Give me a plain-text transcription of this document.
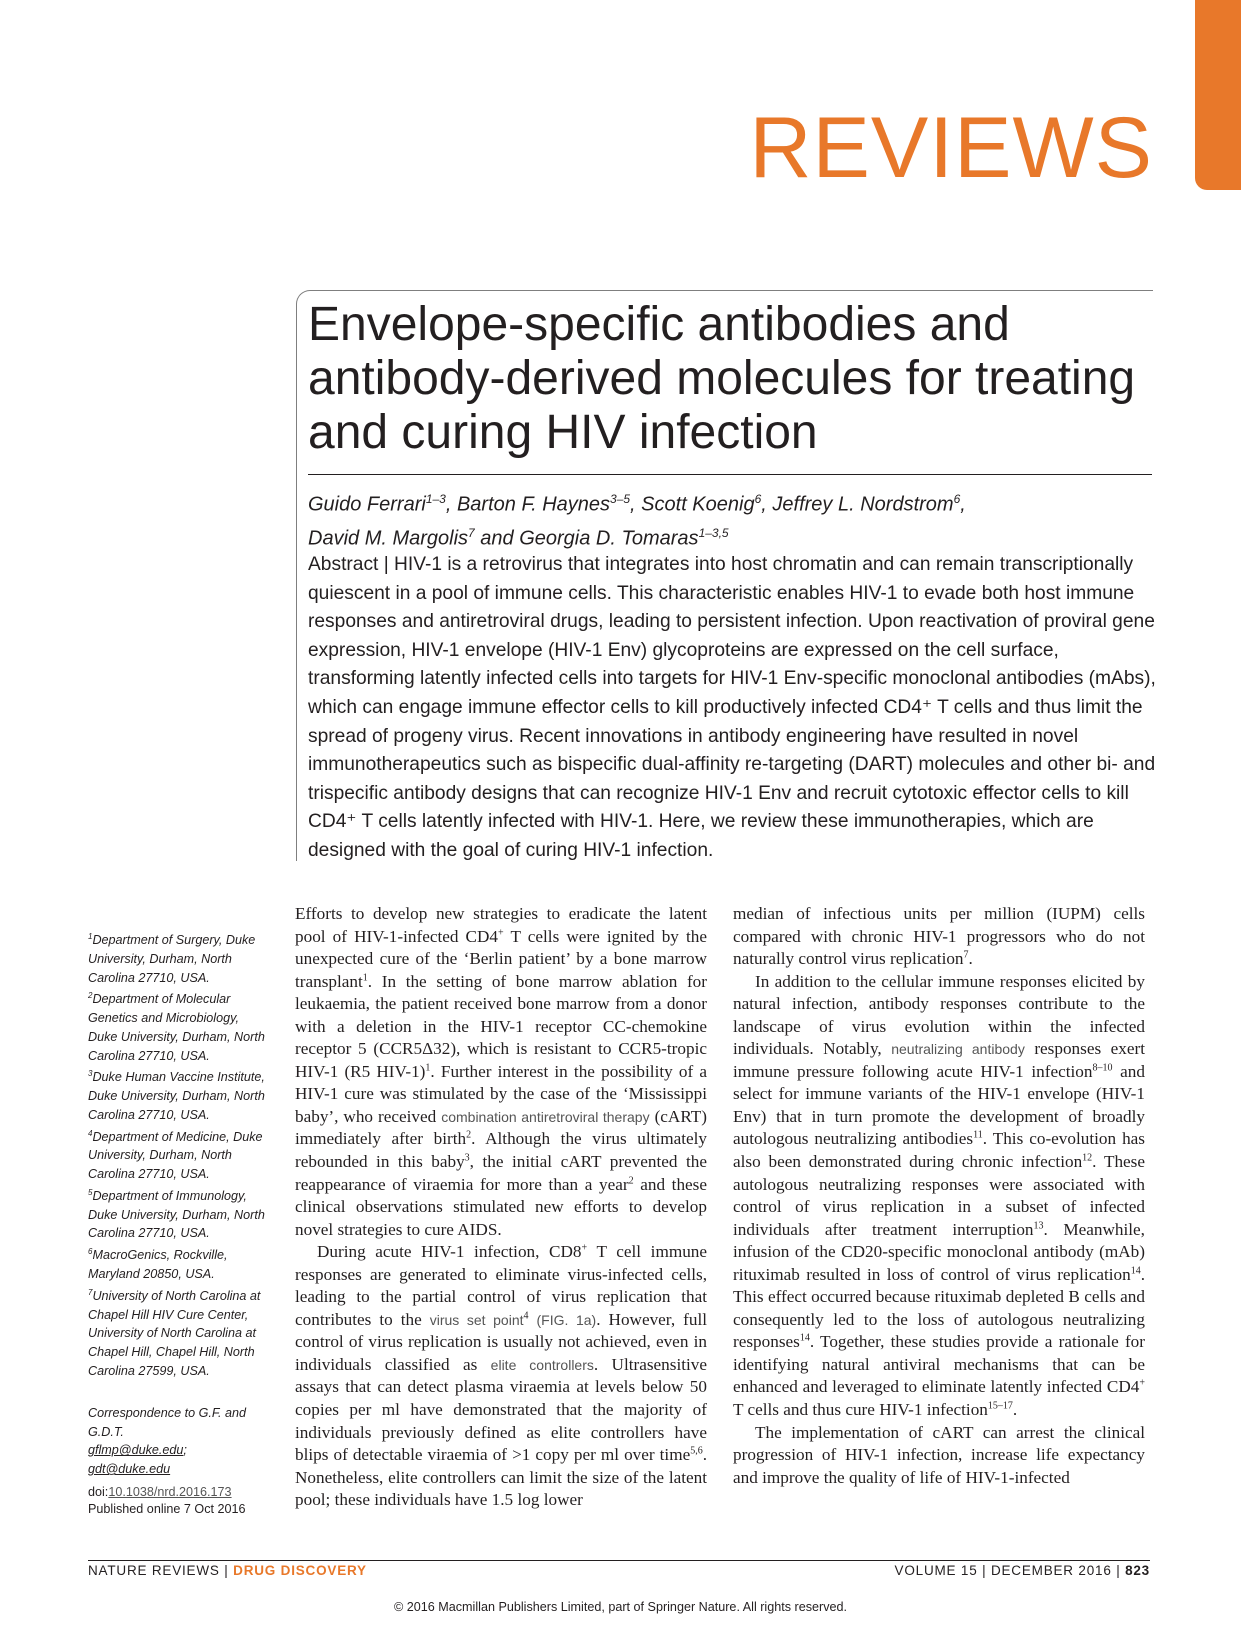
REVIEWS
Envelope-specific antibodies and antibody-derived molecules for treating and curing HIV infection
Guido Ferrari$^{1-3}$, Barton F. Haynes$^{3-5}$, Scott Koenig$^6$, Jeffrey L. Nordstrom$^6$,
David M. Margolis$^7$ and Georgia D. Tomaras$^{1-3,5}$
Abstract | HIV-1 is a retrovirus that integrates into host chromatin and can remain transcriptionally quiescent in a pool of immune cells. This characteristic enables HIV-1 to evade both host immune responses and antiretroviral drugs, leading to persistent infection. Upon reactivation of proviral gene expression, HIV-1 envelope (HIV-1 Env) glycoproteins are expressed on the cell surface, transforming latently infected cells into targets for HIV-1 Env-specific monoclonal antibodies (mAbs), which can engage immune effector cells to kill productively infected CD4⁺ T cells and thus limit the spread of progeny virus. Recent innovations in antibody engineering have resulted in novel immunotherapeutics such as bispecific dual-affinity re-targeting (DART) molecules and other bi- and trispecific antibody designs that can recognize HIV-1 Env and recruit cytotoxic effector cells to kill CD4⁺ T cells latently infected with HIV-1. Here, we review these immunotherapies, which are designed with the goal of curing HIV-1 infection.

$^1$Department of Surgery, Duke University, Durham, North Carolina 27710, USA.

$^2$Department of Molecular Genetics and Microbiology, Duke University, Durham, North Carolina 27710, USA.

$^3$Duke Human Vaccine Institute, Duke University, Durham, North Carolina 27710, USA.

$^4$Department of Medicine, Duke University, Durham, North Carolina 27710, USA.

$^5$Department of Immunology, Duke University, Durham, North Carolina 27710, USA.

$^6$MacroGenics, Rockville, Maryland 20850, USA.

$^7$University of North Carolina at Chapel Hill HIV Cure Center, University of North Carolina at Chapel Hill, Chapel Hill, North Carolina 27599, USA.

Correspondence to G.F. and G.D.T.
gflmp@duke.edu;
gdt@duke.edu
doi:10.1038/nrd.2016.173
Published online 7 Oct 2016

Efforts to develop new strategies to eradicate the latent pool of HIV-1-infected CD4+ T cells were ignited by the unexpected cure of the ‘Berlin patient’ by a bone marrow transplant$^1$. In the setting of bone marrow ablation for leukaemia, the patient received bone marrow from a donor with a deletion in the HIV-1 receptor CC-chemokine receptor 5 (CCR5Δ32), which is resistant to CCR5-tropic HIV-1 (R5 HIV-1)$^1$. Further interest in the possibility of a HIV-1 cure was stimulated by the case of the ‘Mississippi baby’, who received combination antiretroviral therapy (cART) immediately after birth$^2$. Although the virus ultimately rebounded in this baby$^3$, the initial cART prevented the reappearance of viraemia for more than a year$^2$ and these clinical observations stimulated new efforts to develop novel strategies to cure AIDS.

During acute HIV-1 infection, CD8+ T cell immune responses are generated to eliminate virus-infected cells, leading to the partial control of virus replication that contributes to the virus set point$^4$ (FIG. 1a). However, full control of virus replication is usually not achieved, even in individuals classified as elite controllers. Ultrasensitive assays that can detect plasma viraemia at levels below 50 copies per ml have demonstrated that the majority of individuals previously defined as elite controllers have blips of detectable viraemia of >1 copy per ml over time$^{5,6}$. Nonetheless, elite controllers can limit the size of the latent pool; these individuals have 1.5 log lower

median of infectious units per million (IUPM) cells compared with chronic HIV-1 progressors who do not naturally control virus replication$^7$.

In addition to the cellular immune responses elicited by natural infection, antibody responses contribute to the landscape of virus evolution within the infected individuals. Notably, neutralizing antibody responses exert immune pressure following acute HIV-1 infection$^{8-10}$ and select for immune variants of the HIV-1 envelope (HIV-1 Env) that in turn promote the development of broadly autologous neutralizing antibodies$^{11}$. This co-evolution has also been demonstrated during chronic infection$^{12}$. These autologous neutralizing responses were associated with control of virus replication in a subset of infected individuals after treatment interruption$^{13}$. Meanwhile, infusion of the CD20-specific monoclonal antibody (mAb) rituximab resulted in loss of control of virus replication$^{14}$. This effect occurred because rituximab depleted B cells and consequently led to the loss of autologous neutralizing responses$^{14}$. Together, these studies provide a rationale for identifying natural antiviral mechanisms that can be enhanced and leveraged to eliminate latently infected CD4+ T cells and thus cure HIV-1 infection$^{15-17}$.

The implementation of cART can arrest the clinical progression of HIV-1 infection, increase life expectancy and improve the quality of life of HIV-1-infected

NATURE REVIEWS | DRUG DISCOVERY	VOLUME 15 | DECEMBER 2016 | 823
© 2016 Macmillan Publishers Limited, part of Springer Nature. All rights reserved.
